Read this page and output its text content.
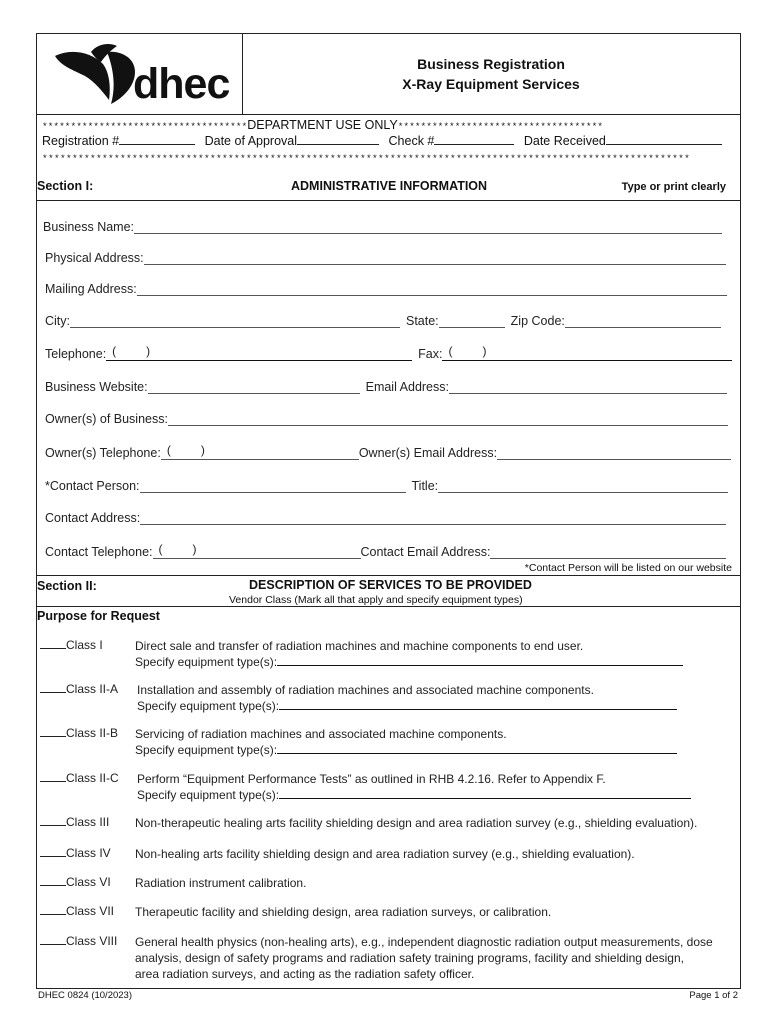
dhec	Business Registration
X-Ray Equipment Services
************************************DEPARTMENT USE ONLY************************************
Registration #	Date of Approval	Check #	Date Received
************************************************************************************************************
Section I:	ADMINISTRATIVE INFORMATION	Type or print clearly
Business Name:
Physical Address:
Mailing Address:
City:	State:	Zip Code:
Telephone: (	)	Fax: (	)
Business Website:	Email Address:
Owner(s) of Business:
Owner(s) Telephone: (	)	Owner(s) Email Address:
*Contact Person:	Title:
Contact Address:
Contact Telephone: (	)	Contact Email Address:
*Contact Person will be listed on our website
Section II:	DESCRIPTION OF SERVICES TO BE PROVIDED
Vendor Class (Mark all that apply and specify equipment types)
Purpose for Request
Class I	Direct sale and transfer of radiation machines and machine components to end user.
Specify equipment type(s):
Class II-A Installation and assembly of radiation machines and associated machine components.
Specify equipment type(s):
Class II-B Servicing of radiation machines and associated machine components.
Specify equipment type(s):
Class II-C Perform “Equipment Performance Tests” as outlined in RHB 4.2.16. Refer to Appendix F.
Specify equipment type(s):
Class III Non-therapeutic healing arts facility shielding design and area radiation survey (e.g., shielding evaluation).
Class IV Non-healing arts facility shielding design and area radiation survey (e.g., shielding evaluation).
Class VI Radiation instrument calibration.
Class VII Therapeutic facility and shielding design, area radiation surveys, or calibration.
Class VIII General health physics (non-healing arts), e.g., independent diagnostic radiation output measurements, dose
analysis, design of safety programs and radiation safety training programs, facility and shielding design,
area radiation surveys, and acting as the radiation safety officer.
DHEC 0824 (10/2023)	Page 1 of 2
